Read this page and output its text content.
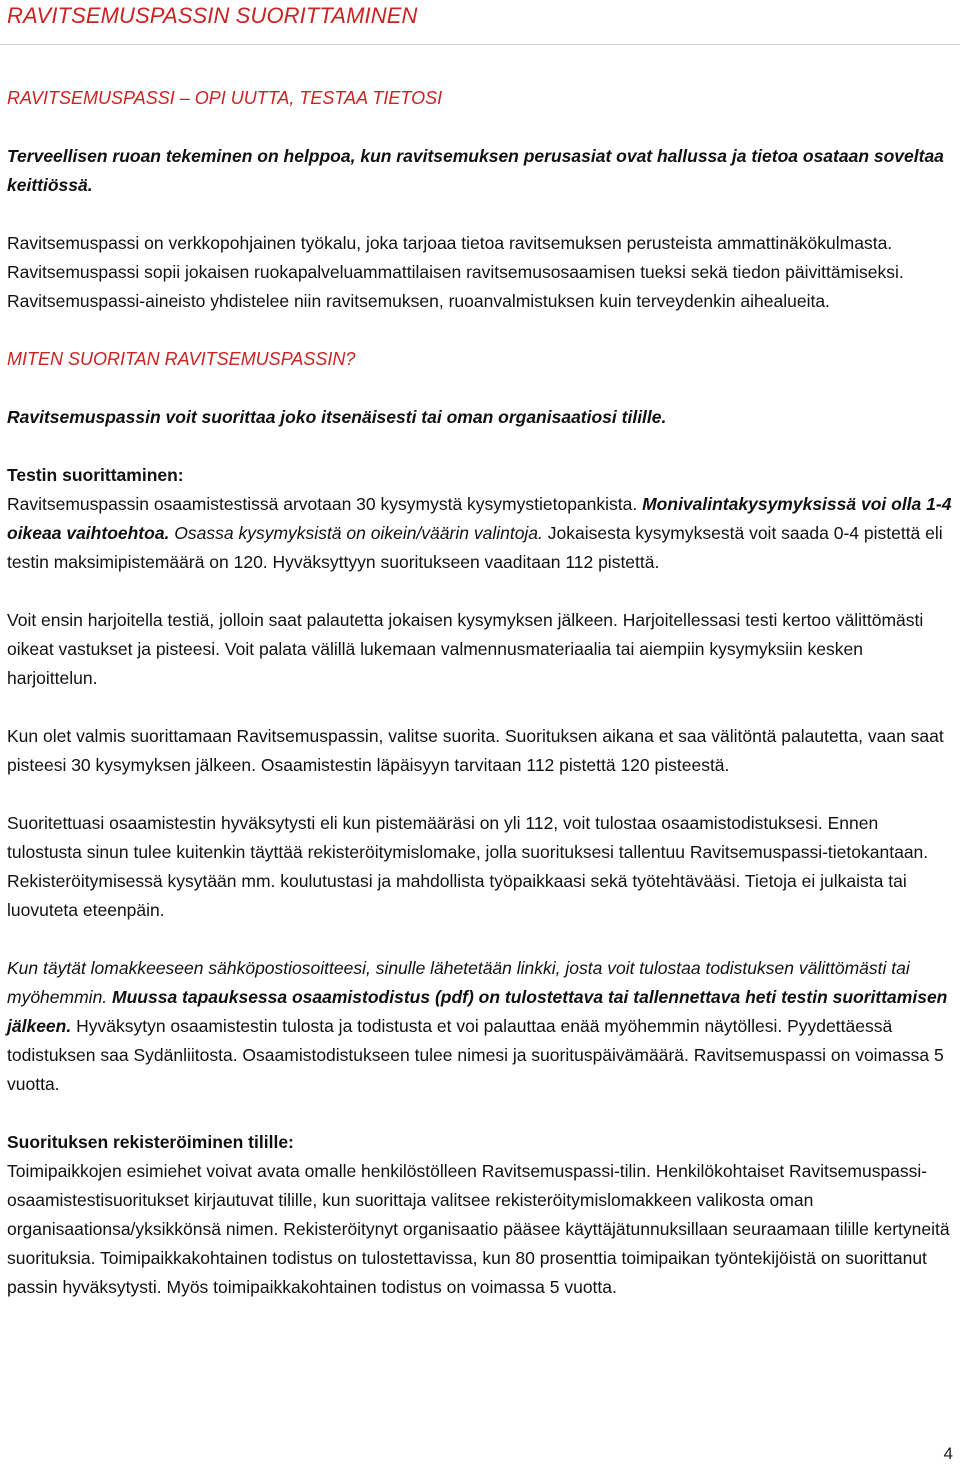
RAVITSEMUSPASSIN SUORITTAMINEN

RAVITSEMUSPASSI – OPI UUTTA, TESTAA TIETOSI

Terveellisen ruoan tekeminen on helppoa, kun ravitsemuksen perusasiat ovat hallussa ja tietoa osataan soveltaa keittiössä.

Ravitsemuspassi on verkkopohjainen työkalu, joka tarjoaa tietoa ravitsemuksen perusteista ammattinäkökulmasta. Ravitsemuspassi sopii jokaisen ruokapalveluammattilaisen ravitsemusosaamisen tueksi sekä tiedon päivittämiseksi. Ravitsemuspassi-aineisto yhdistelee niin ravitsemuksen, ruoanvalmistuksen kuin terveydenkin aihealueita.

MITEN SUORITAN RAVITSEMUSPASSIN?

Ravitsemuspassin voit suorittaa joko itsenäisesti tai oman organisaatiosi tilille.

Testin suorittaminen:

Ravitsemuspassin osaamistestissä arvotaan 30 kysymystä kysymystietopankista. Monivalintakysymyksissä voi olla 1-4 oikeaa vaihtoehtoa. Osassa kysymyksistä on oikein/väärin valintoja. Jokaisesta kysymyksestä voit saada 0-4 pistettä eli testin maksimipistemäärä on 120. Hyväksyttyyn suoritukseen vaaditaan 112 pistettä.

Voit ensin harjoitella testiä, jolloin saat palautetta jokaisen kysymyksen jälkeen. Harjoitellessasi testi kertoo välittömästi oikeat vastukset ja pisteesi. Voit palata välillä lukemaan valmennusmateriaalia tai aiempiin kysymyksiin kesken harjoittelun.

Kun olet valmis suorittamaan Ravitsemuspassin, valitse suorita. Suorituksen aikana et saa välitöntä palautetta, vaan saat pisteesi 30 kysymyksen jälkeen. Osaamistestin läpäisyyn tarvitaan 112 pistettä 120 pisteestä.

Suoritettuasi osaamistestin hyväksytysti eli kun pistemääräsi on yli 112, voit tulostaa osaamistodistuksesi. Ennen tulostusta sinun tulee kuitenkin täyttää rekisteröitymislomake, jolla suorituksesi tallentuu Ravitsemuspassi-tietokantaan. Rekisteröitymisessä kysytään mm. koulutustasi ja mahdollista työpaikkaasi sekä työtehtävääsi. Tietoja ei julkaista tai luovuteta eteenpäin.

Kun täytät lomakkeeseen sähköpostiosoitteesi, sinulle lähetetään linkki, josta voit tulostaa todistuksen välittömästi tai myöhemmin. Muussa tapauksessa osaamistodistus (pdf) on tulostettava tai tallennettava heti testin suorittamisen jälkeen. Hyväksytyn osaamistestin tulosta ja todistusta et voi palauttaa enää myöhemmin näytöllesi. Pyydettäessä todistuksen saa Sydänliitosta. Osaamistodistukseen tulee nimesi ja suorituspäivämäärä. Ravitsemuspassi on voimassa 5 vuotta.

Suorituksen rekisteröiminen tilille:

Toimipaikkojen esimiehet voivat avata omalle henkilöstölleen Ravitsemuspassi-tilin. Henkilökohtaiset Ravitsemuspassi-osaamistestisuoritukset kirjautuvat tilille, kun suorittaja valitsee rekisteröitymislomakkeen valikosta oman organisaationsa/yksikkönsä nimen. Rekisteröitynyt organisaatio pääsee käyttäjätunnuksillaan seuraamaan tilille kertyneitä suorituksia. Toimipaikkakohtainen todistus on tulostettavissa, kun 80 prosenttia toimipaikan työntekijöistä on suorittanut passin hyväksytysti. Myös toimipaikkakohtainen todistus on voimassa 5 vuotta.

4
